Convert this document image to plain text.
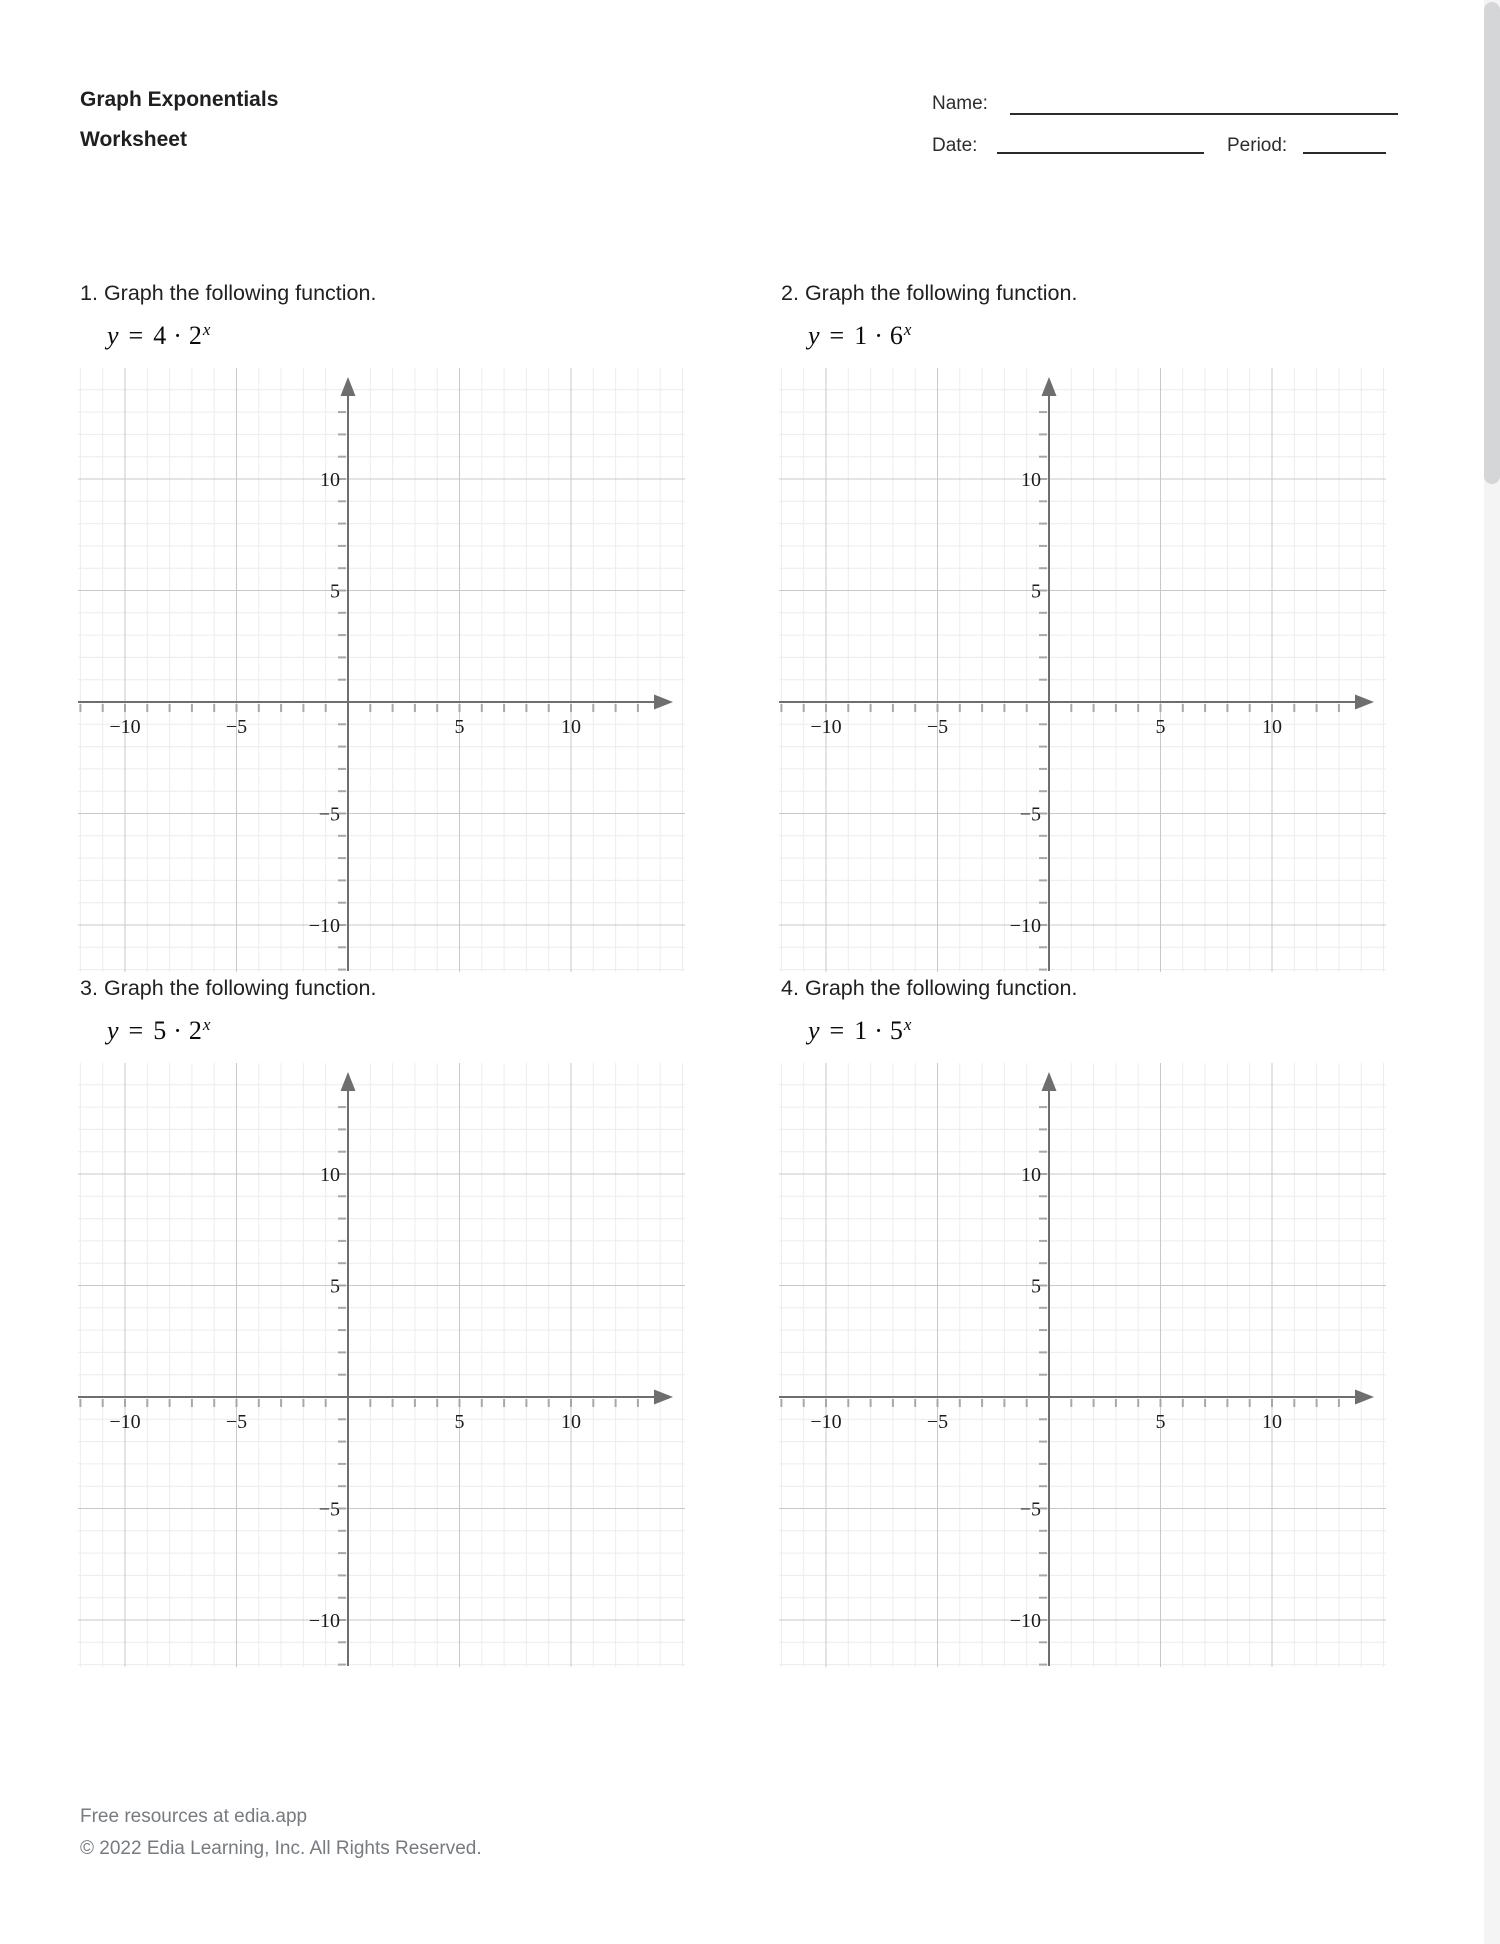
Graph Exponentials
Worksheet
Name:
Date:	Period:
1. Graph the following function.
$y = 4 \cdot 2^x$
−10	−5	5	10
10
5
−5
−10
2. Graph the following function.
$y = 1 \cdot 6^x$
−10	−5	5	10
10
5
−5
−10
3. Graph the following function.
$y = 5 \cdot 2^x$
−10	−5	5	10
10
5
−5
−10
4. Graph the following function.
$y = 1 \cdot 5^x$
−10	−5	5	10
10
5
−5
−10
Free resources at edia.app
© 2022 Edia Learning, Inc. All Rights Reserved.
